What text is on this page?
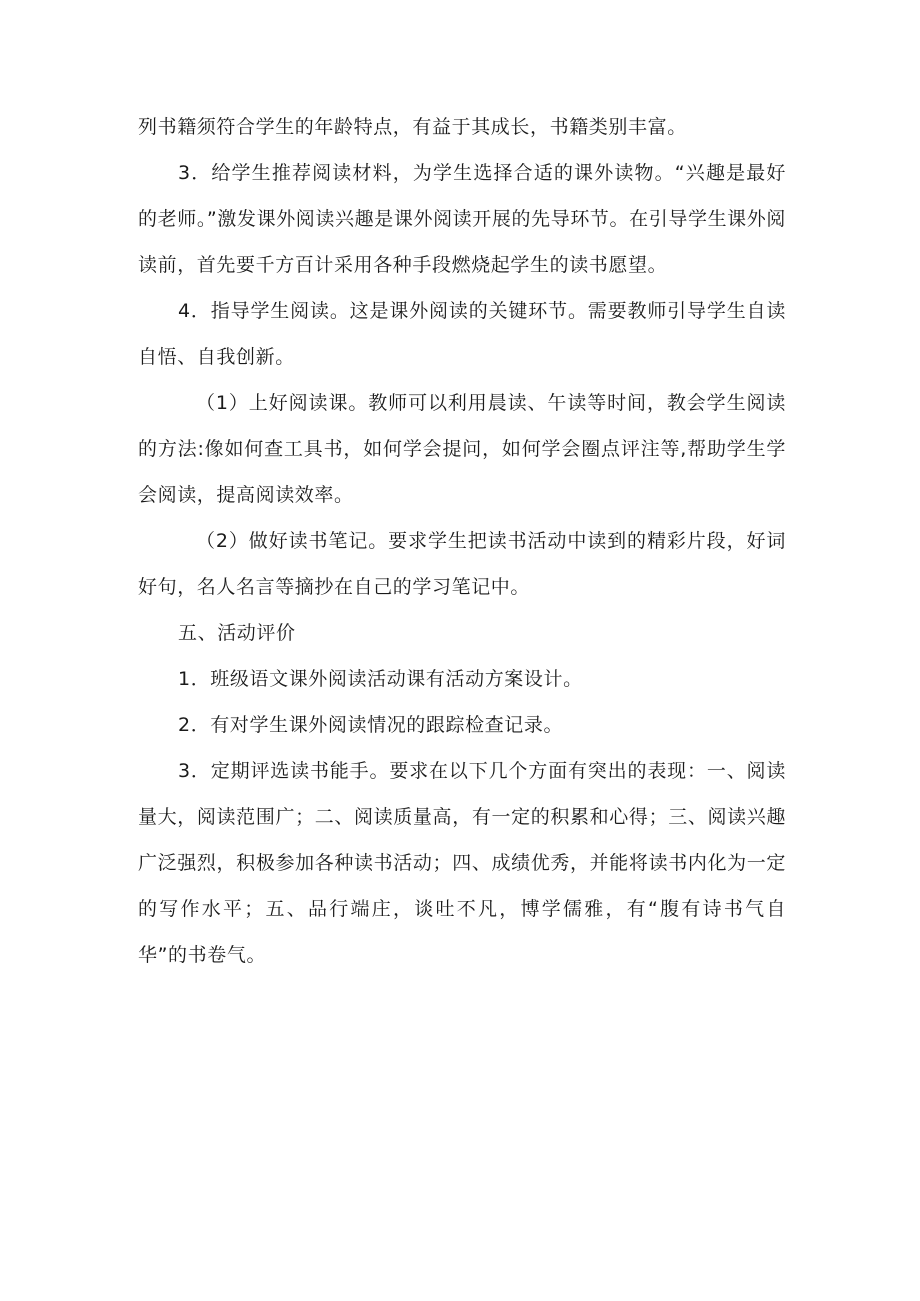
列书籍须符合学生的年龄特点，有益于其成长，书籍类别丰富。

3．给学生推荐阅读材料，为学生选择合适的课外读物。“兴趣是最好的老师。”激发课外阅读兴趣是课外阅读开展的先导环节。在引导学生课外阅读前，首先要千方百计采用各种手段燃烧起学生的读书愿望。

4．指导学生阅读。这是课外阅读的关键环节。需要教师引导学生自读自悟、自我创新。

（1）上好阅读课。教师可以利用晨读、午读等时间，教会学生阅读的方法:像如何查工具书，如何学会提问，如何学会圈点评注等,帮助学生学会阅读，提高阅读效率。

（2）做好读书笔记。要求学生把读书活动中读到的精彩片段，好词好句，名人名言等摘抄在自己的学习笔记中。

五、活动评价

1．班级语文课外阅读活动课有活动方案设计。

2．有对学生课外阅读情况的跟踪检查记录。

3．定期评选读书能手。要求在以下几个方面有突出的表现：一、阅读量大，阅读范围广；二、阅读质量高，有一定的积累和心得；三、阅读兴趣广泛强烈，积极参加各种读书活动；四、成绩优秀，并能将读书内化为一定的写作水平；五、品行端庄，谈吐不凡，博学儒雅，有“腹有诗书气自华”的书卷气。
